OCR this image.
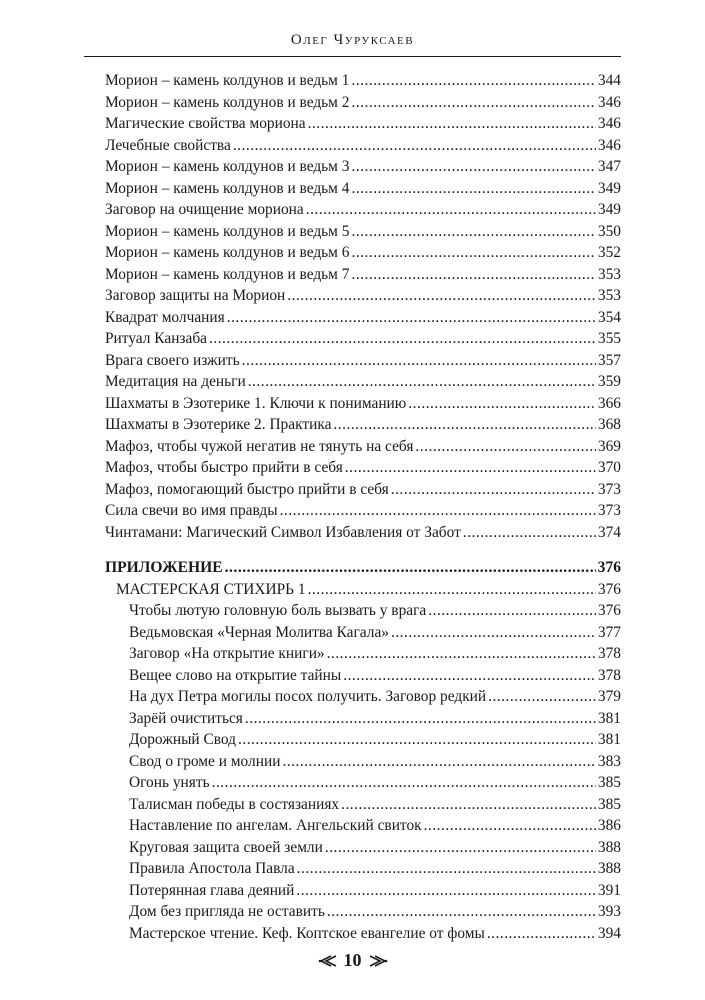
Олег Чуруксаев
Морион – камень колдунов и ведьм 1 .....	344
Морион – камень колдунов и ведьм 2 .....	346
Магические свойства мориона .....	346
Лечебные свойства .....	346
Морион – камень колдунов и ведьм 3 .....	347
Морион – камень колдунов и ведьм 4 .....	349
Заговор на очищение мориона .....	349
Морион – камень колдунов и ведьм 5 .....	350
Морион – камень колдунов и ведьм 6 .....	352
Морион – камень колдунов и ведьм 7 .....	353
Заговор защиты на Морион .....	353
Квадрат молчания .....	354
Ритуал Канзаба .....	355
Врага своего изжить .....	357
Медитация на деньги .....	359
Шахматы в Эзотерике 1. Ключи к пониманию .....	366
Шахматы в Эзотерике 2. Практика .....	368
Мафоз, чтобы чужой негатив не тянуть на себя .....	369
Мафоз, чтобы быстро прийти в себя .....	370
Мафоз, помогающий быстро прийти в себя .....	373
Сила свечи во имя правды .....	373
Чинтамани: Магический Символ Избавления от Забот .....	374
ПРИЛОЖЕНИЕ .....	376
МАСТЕРСКАЯ СТИХИРЬ 1 .....	376
Чтобы лютую головную боль вызвать у врага .....	376
Ведьмовская «Черная Молитва Кагала» .....	377
Заговор «На открытие книги» .....	378
Вещее слово на открытие тайны .....	378
На дух Петра могилы посох получить. Заговор редкий .....	379
Зарёй очиститься .....	381
Дорожный Свод .....	381
Свод о громе и молнии .....	383
Огонь унять .....	385
Талисман победы в состязаниях .....	385
Наставление по ангелам. Ангельский свиток .....	386
Круговая защита своей земли .....	388
Правила Апостола Павла .....	388
Потерянная глава деяний .....	391
Дом без пригляда не оставить .....	393
Мастерское чтение. Кеф. Коптское евангелие от фомы .....	394
10
